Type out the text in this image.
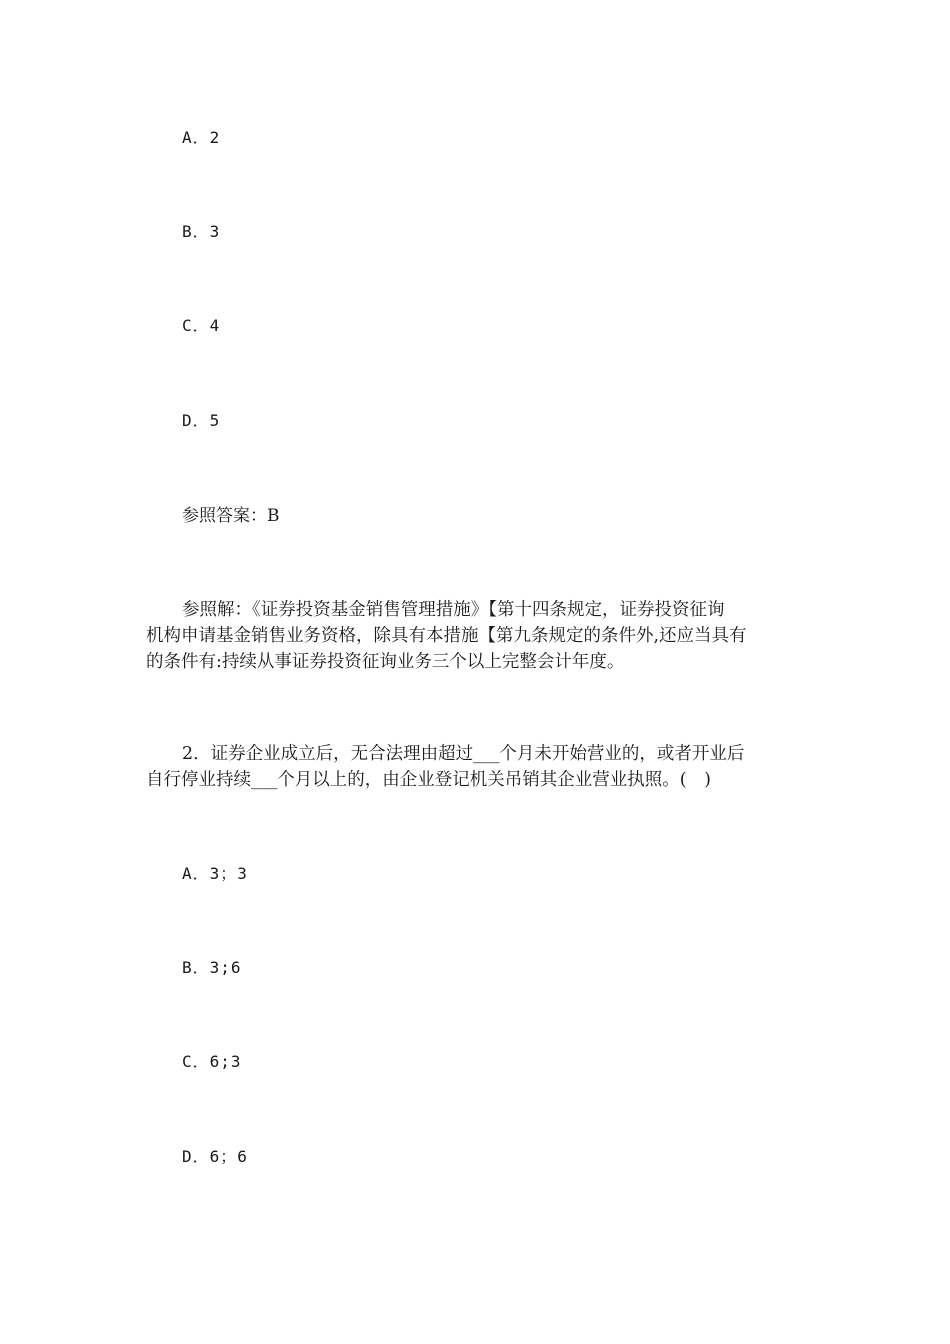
A．2
B．3
C．4
D．5
参照答案：B
参照解：《证券投资基金销售管理措施》【第十四条规定，证券投资征询
机构申请基金销售业务资格，除具有本措施【第九条规定的条件外,还应当具有
的条件有:持续从事证券投资征询业务三个以上完整会计年度。
2．证券企业成立后，无合法理由超过___个月未开始营业的，或者开业后
自行停业持续___个月以上的，由企业登记机关吊销其企业营业执照。(　)
A．3；3
B．3;6
C．6;3
D．6；6
